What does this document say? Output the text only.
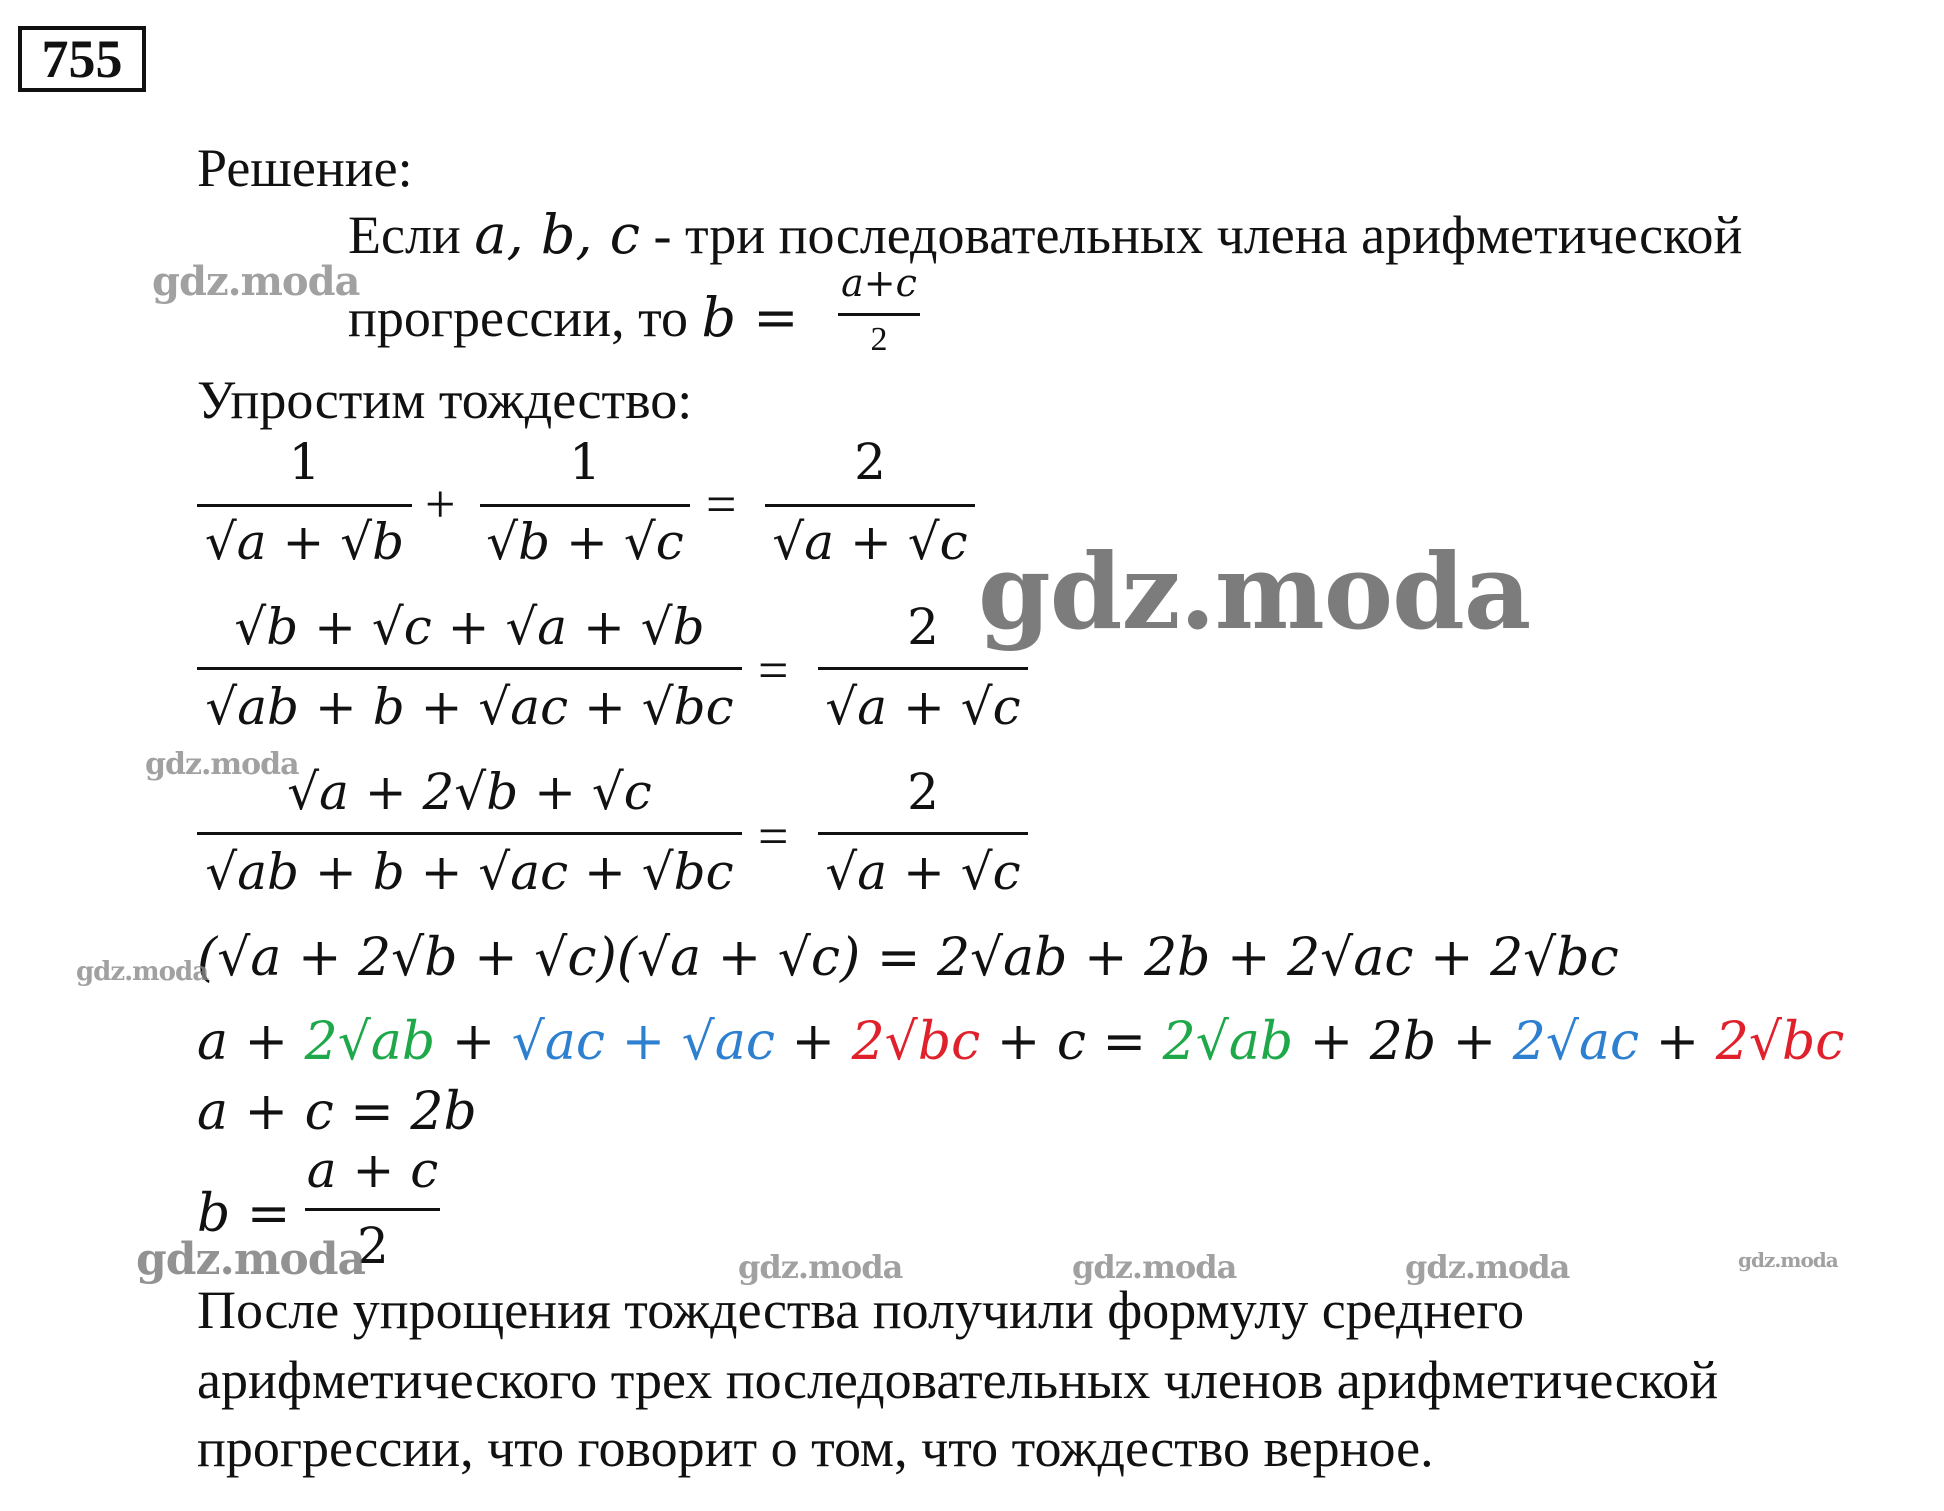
755
Решение:
Если a, b, c - три последовательных члена арифметической
прогрессии, то b =
a+c
2
Упростим тождество:
1
√a + √b
+
1
√b + √c
=
2
√a + √c
√b + √c + √a + √b
√ab + b + √ac + √bc
=
2
√a + √c
√a + 2√b + √c
√ab + b + √ac + √bc
=
2
√a + √c
(√a + 2√b + √c)(√a + √c) = 2√ab + 2b + 2√ac + 2√bc
a + 2√ab + √ac + √ac + 2√bc + c = 2√ab + 2b + 2√ac + 2√bc
a + c = 2b
b =
a + c
2
После упрощения тождества получили формулу среднего
арифметического трех последовательных членов арифметической
прогрессии, что говорит о том, что тождество верное.
gdz.moda
gdz.moda
gdz.moda
gdz.moda
gdz.moda	gdz.moda	gdz.moda	gdz.moda	gdz.moda
